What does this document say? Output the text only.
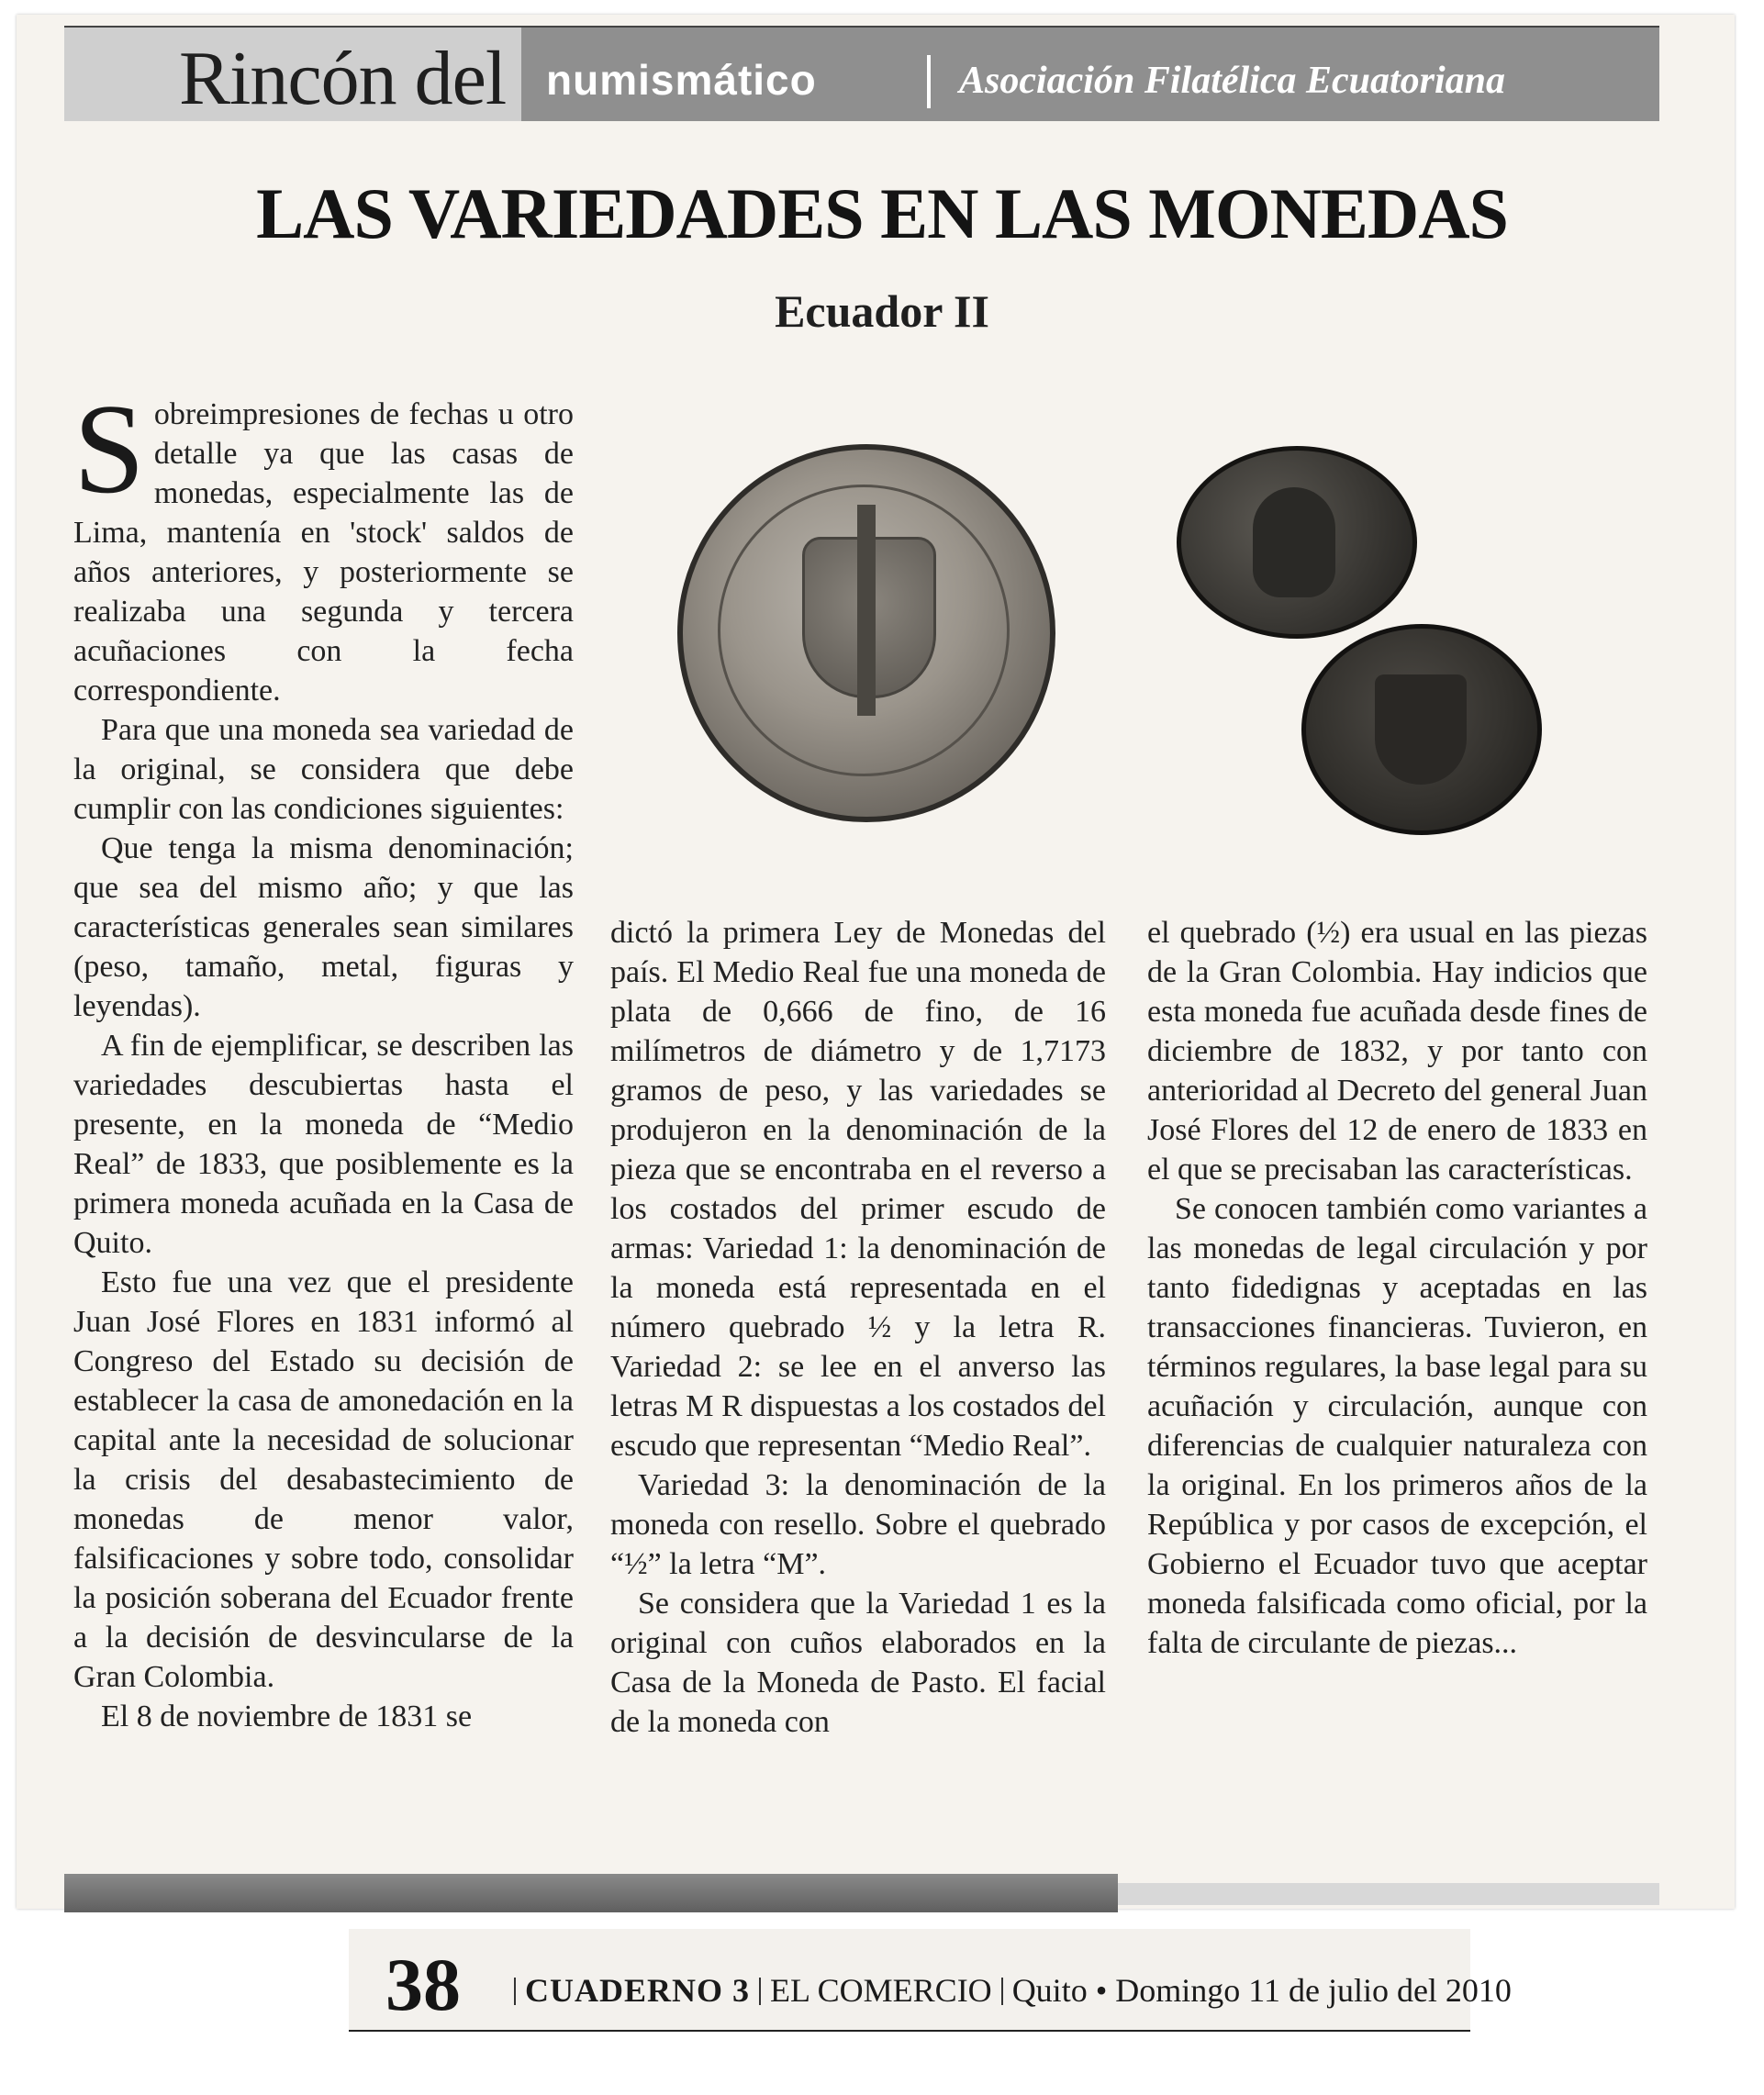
Rincón del numismático	Asociación Filatélica Ecuatoriana
LAS VARIEDADES EN LAS MONEDAS
Ecuador II

Sobreimpresiones de fechas u otro detalle ya que las casas de monedas, especialmente las de Lima, mantenía en 'stock' saldos de años anteriores, y posteriormente se realizaba una segunda y tercera acuñaciones con la fecha correspondiente.

Para que una moneda sea variedad de la original, se considera que debe cumplir con las condiciones siguientes:

Que tenga la misma denominación; que sea del mismo año; y que las características generales sean similares (peso, tamaño, metal, figuras y leyendas).

A fin de ejemplificar, se describen las variedades descubiertas hasta el presente, en la moneda de “Medio Real” de 1833, que posiblemente es la primera moneda acuñada en la Casa de Quito.

Esto fue una vez que el presidente Juan José Flores en 1831 informó al Congreso del Estado su decisión de establecer la casa de amonedación en la capital ante la necesidad de solucionar la crisis del desabastecimiento de monedas de menor valor, falsificaciones y sobre todo, consolidar la posición soberana del Ecuador frente a la decisión de desvincularse de la Gran Colombia.

El 8 de noviembre de 1831 se

dictó la primera Ley de Monedas del país. El Medio Real fue una moneda de plata de 0,666 de fino, de 16 milímetros de diámetro y de 1,7173 gramos de peso, y las variedades se produjeron en la denominación de la pieza que se encontraba en el reverso a los costados del primer escudo de armas: Variedad 1: la denominación de la moneda está representada en el número quebrado ½ y la letra R. Variedad 2: se lee en el anverso las letras M R dispuestas a los costados del escudo que representan “Medio Real”.

Variedad 3: la denominación de la moneda con resello. Sobre el quebrado “½” la letra “M”.

Se considera que la Variedad 1 es la original con cuños elaborados en la Casa de la Moneda de Pasto. El facial de la moneda con

el quebrado (½) era usual en las piezas de la Gran Colombia. Hay indicios que esta moneda fue acuñada desde fines de diciembre de 1832, y por tanto con anterioridad al Decreto del general Juan José Flores del 12 de enero de 1833 en el que se precisaban las características.

Se conocen también como variantes a las monedas de legal circulación y por tanto fidedignas y aceptadas en las transacciones financieras. Tuvieron, en términos regulares, la base legal para su acuñación y circulación, aunque con diferencias de cualquier naturaleza con la original. En los primeros años de la República y por casos de excepción, el Gobierno el Ecuador tuvo que aceptar moneda falsificada como oficial, por la falta de circulante de piezas...

38	CUADERNO 3 EL COMERCIO Quito • Domingo 11 de julio del 2010
